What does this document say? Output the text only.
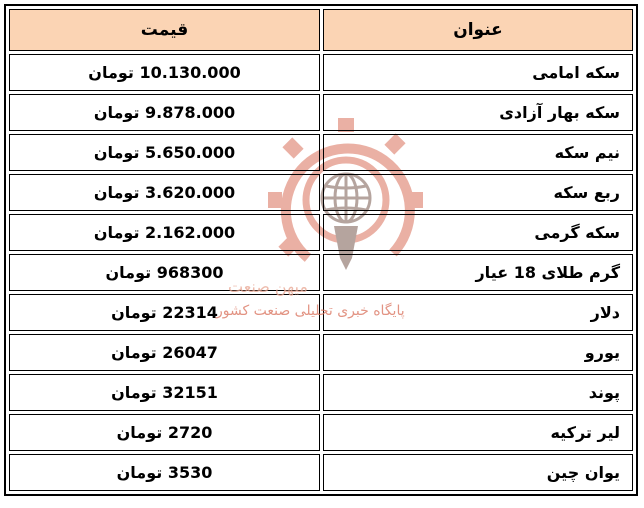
عنوان	قیمت
سکه امامی	10.130.000 تومان
سکه بهار آزادی	9.878.000 تومان
نیم سکه	5.650.000 تومان
ربع سکه	3.620.000 تومان
سکه گرمی	2.162.000 تومان
گرم طلای 18 عیار	968300 تومان
دلار	22314 تومان
یورو	26047 تومان
پوند	32151 تومان
لیر ترکیه	2720 تومان
یوان چین	3530 تومان
میهن صنعت
پایگاه خبری تحلیلی صنعت کشور
